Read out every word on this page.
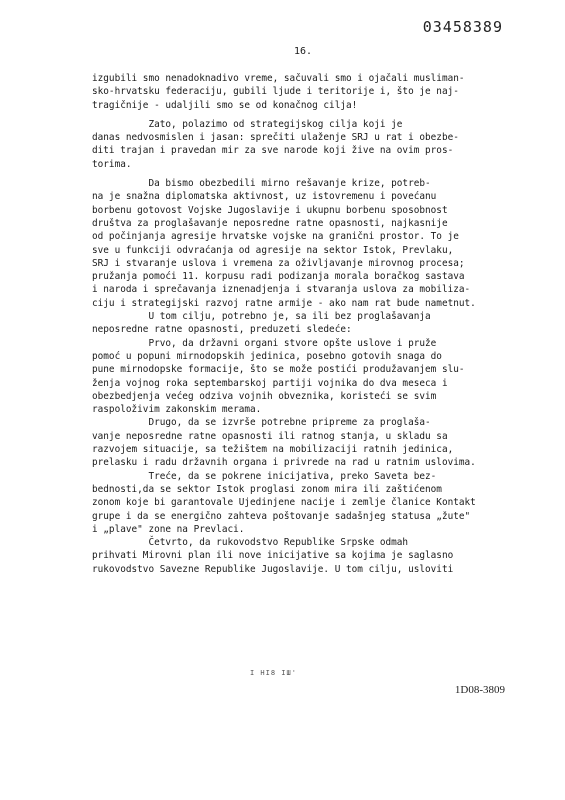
03458389
16.
izgubili smo nenadoknadivo vreme, sačuvali smo i ojačali musliman-
sko-hrvatsku federaciju, gubili ljude i teritorije i, što je naj-
tragičnije - udaljili smo se od konačnog cilja!
Zato, polazimo od strategijskog cilja koji je
danas nedvosmislen i jasan: sprečiti ulaženje SRJ u rat i obezbe-
diti trajan i pravedan mir za sve narode koji žive na ovim pros-
torima.
Da bismo obezbedili mirno rešavanje krize, potreb-
na je snažna diplomatska aktivnost, uz istovremenu i povećanu
borbenu gotovost Vojske Jugoslavije i ukupnu borbenu sposobnost
društva za proglašavanje neposredne ratne opasnosti, najkasnije
od počinjanja agresije hrvatske vojske na granični prostor. To je
sve u funkciji odvraćanja od agresije na sektor Istok, Prevlaku,
SRJ i stvaranje uslova i vremena za oživljavanje mirovnog procesa;
pružanja pomoći 11. korpusu radi podizanja morala boračkog sastava
i naroda i sprečavanja iznenadjenja i stvaranja uslova za mobiliza-
ciju i strategijski razvoj ratne armije - ako nam rat bude nametnut.
U tom cilju, potrebno je, sa ili bez proglašavanja
neposredne ratne opasnosti, preduzeti sledeće:
Prvo, da državni organi stvore opšte uslove i pruže
pomoć u popuni mirnodopskih jedinica, posebno gotovih snaga do
pune mirnodopske formacije, što se može postići produžavanjem slu-
ženja vojnog roka septembarskoj partiji vojnika do dva meseca i
obezbedjenja većeg odziva vojnih obveznika, koristeći se svim
raspoloživim zakonskim merama.
Drugo, da se izvrše potrebne pripreme za proglaša-
vanje neposredne ratne opasnosti ili ratnog stanja, u skladu sa
razvojem situacije, sa težištem na mobilizaciji ratnih jedinica,
prelasku i radu državnih organa i privrede na rad u ratnim uslovima.
Treće, da se pokrene inicijativa, preko Saveta bez-
bednosti,da se sektor Istok proglasi zonom mira ili zaštićenom
zonom koje bi garantovale Ujedinjene nacije i zemlje članice Kontakt
grupe i da se energično zahteva poštovanje sadašnjeg statusa „žute"
i „plave" zone na Prevlaci.
Četvrto, da rukovodstvo Republike Srpske odmah
prihvati Mirovni plan ili nove inicijative sa kojima je saglasno
rukovodstvo Savezne Republike Jugoslavije. U tom cilju, usloviti
I HI8 IШ'
1D08-3809
